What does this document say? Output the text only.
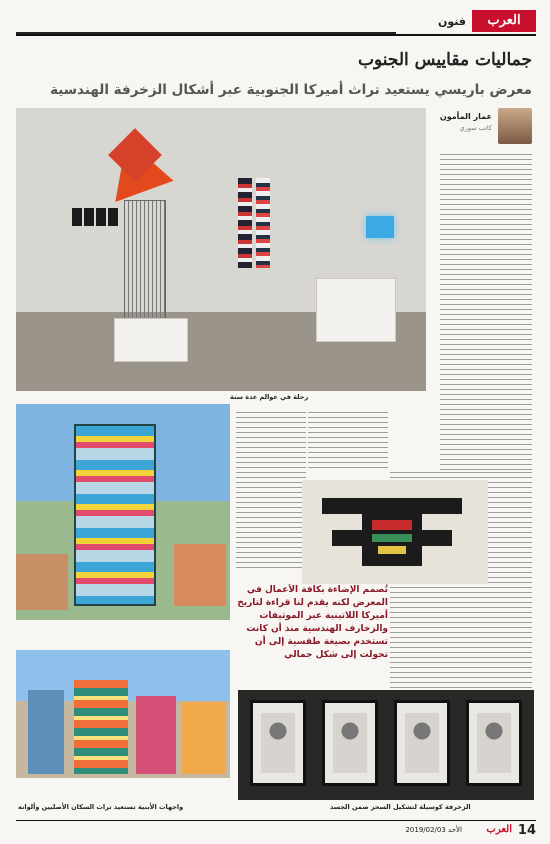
العرب
فنون
جماليات مقاييس الجنوب
معرض باريسي يستعيد تراث أميركا الجنوبية عبر أشكال الزخرفة الهندسية
عمار المأمون
كاتب سوري
رحلة في عوالم عدة سنة
تُصمم الإضاءة بكافة الأعمال في المعرض لكنه يقدم لنا قراءة لتاريخ أميركا اللاتينية عبر الموتيفات والزخارف الهندسية منذ أن كانت تستخدم بصيغة طقسية إلى أن تحولت إلى شكل جمالي
واجهات الأبنية تستعيد تراث السكان الأصليين وألوانه	الزخرفة كوسيلة لتشكيل السحر ضمن الجسد
14
العرب
الأحد 2019/02/03
